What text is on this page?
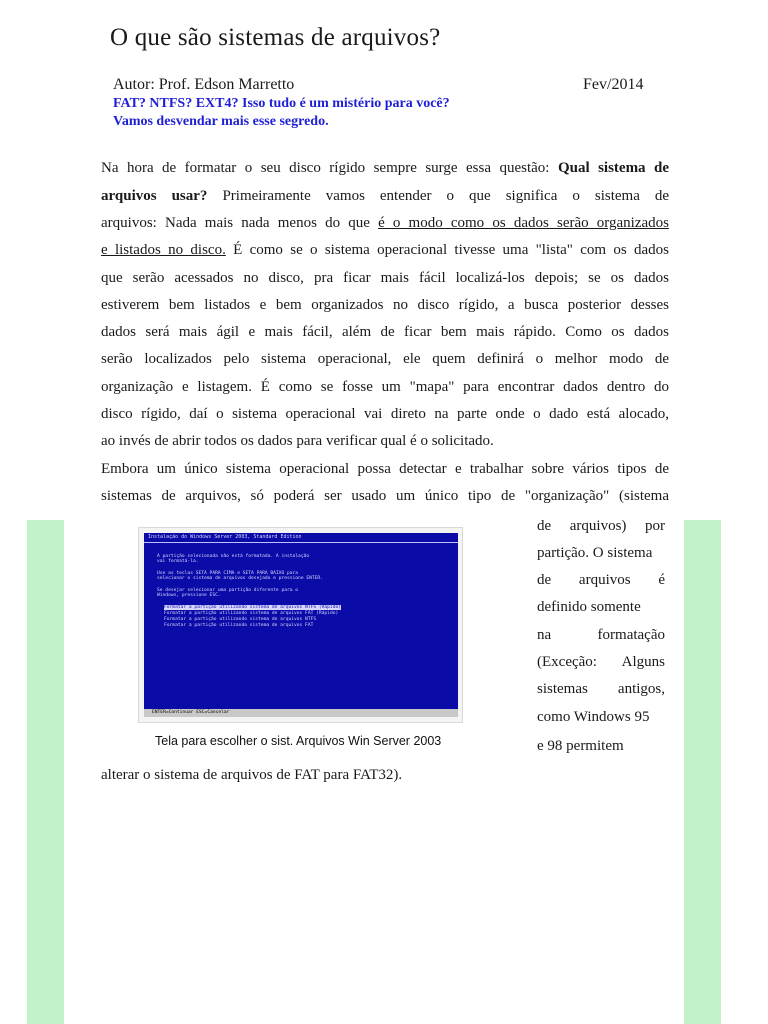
O que são sistemas de arquivos?
Autor: Prof. Edson Marretto	Fev/2014
FAT? NTFS? EXT4? Isso tudo é um mistério para você?
Vamos desvendar mais esse segredo.
Na hora de formatar o seu disco rígido sempre surge essa questão: Qual sistema de
arquivos usar? Primeiramente vamos entender o que significa o sistema de
arquivos: Nada mais nada menos do que é o modo como os dados serão organizados
e listados no disco. É como se o sistema operacional tivesse uma "lista" com os dados
que serão acessados no disco, pra ficar mais fácil localizá-los depois; se os dados
estiverem bem listados e bem organizados no disco rígido, a busca posterior desses
dados será mais ágil e mais fácil, além de ficar bem mais rápido. Como os dados
serão localizados pelo sistema operacional, ele quem definirá o melhor modo de
organização e listagem. É como se fosse um "mapa" para encontrar dados dentro do
disco rígido, daí o sistema operacional vai direto na parte onde o dado está alocado,
ao invés de abrir todos os dados para verificar qual é o solicitado.
Embora um único sistema operacional possa detectar e trabalhar sobre vários tipos de
sistemas de arquivos, só poderá ser usado um único tipo de "organização" (sistema
de arquivos) por
partição. O sistema
de arquivos é
definido somente
na formatação
(Exceção: Alguns
sistemas antigos,
como Windows 95
e 98 permitem
alterar o sistema de arquivos de FAT para FAT32).
Instalação do Windows Server 2003, Standard Edition
A partição selecionada não está formatada. A instalação
vai formatá-la.
Use as teclas SETA PARA CIMA e SETA PARA BAIXO para
selecionar o sistema de arquivos desejado e pressione ENTER.
Se desejar selecionar uma partição diferente para o
Windows, pressione ESC.
Formatar a partição utilizando sistema de arquivos NTFS (Rápido)
Formatar a partição utilizando sistema de arquivos FAT (Rápido)
Formatar a partição utilizando sistema de arquivos NTFS
Formatar a partição utilizando sistema de arquivos FAT
ENTER=Continuar ESC=Cancelar
Tela para escolher o sist. Arquivos Win Server 2003
